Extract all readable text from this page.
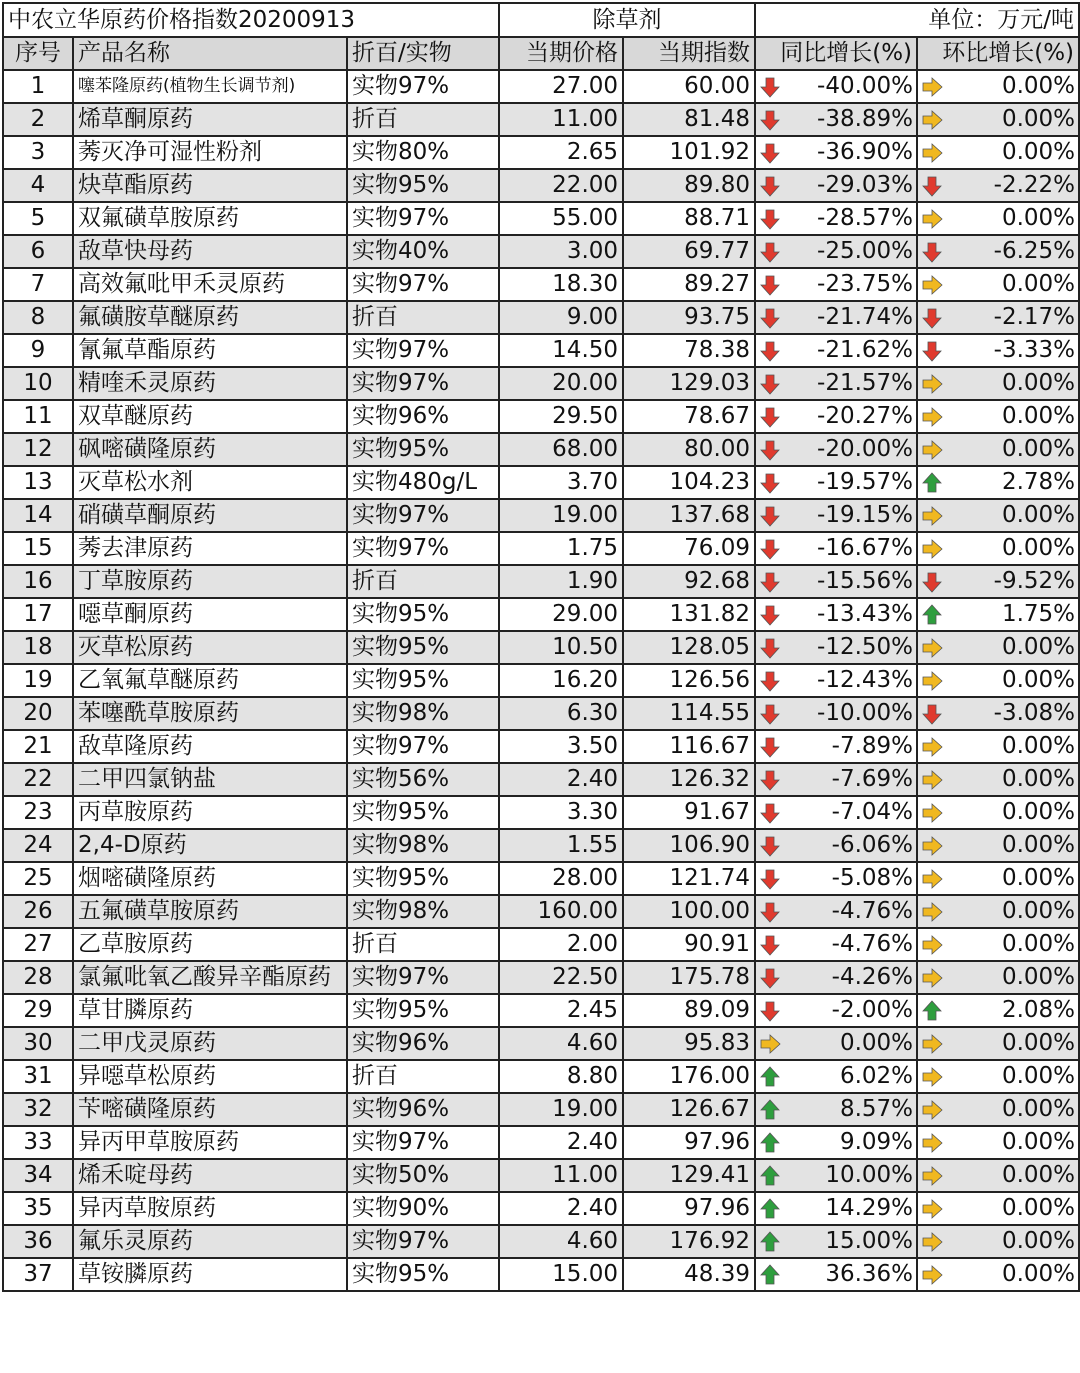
中农立华原药价格指数20200913			除草剂		单位：万元/吨	
序号	产品名称	折百/实物	当期价格	当期指数	同比增长(%)	环比增长(%)
1	噻苯隆原药(植物生长调节剂)	实物97%	27.00	60.00	-40.00%	0.00%

2	烯草酮原药	折百	11.00	81.48	-38.89%	0.00%

3	莠灭净可湿性粉剂	实物80%	2.65	101.92	-36.90%	0.00%

4	炔草酯原药	实物95%	22.00	89.80	-29.03%	-2.22%

5	双氟磺草胺原药	实物97%	55.00	88.71	-28.57%	0.00%

6	敌草快母药	实物40%	3.00	69.77	-25.00%	-6.25%

7	高效氟吡甲禾灵原药	实物97%	18.30	89.27	-23.75%	0.00%

8	氟磺胺草醚原药	折百	9.00	93.75	-21.74%	-2.17%

9	氰氟草酯原药	实物97%	14.50	78.38	-21.62%	-3.33%

10	精喹禾灵原药	实物97%	20.00	129.03	-21.57%	0.00%

11	双草醚原药	实物96%	29.50	78.67	-20.27%	0.00%

12	砜嘧磺隆原药	实物95%	68.00	80.00	-20.00%	0.00%

13	灭草松水剂	实物480g/L	3.70	104.23	-19.57%	2.78%

14	硝磺草酮原药	实物97%	19.00	137.68	-19.15%	0.00%

15	莠去津原药	实物97%	1.75	76.09	-16.67%	0.00%

16	丁草胺原药	折百	1.90	92.68	-15.56%	-9.52%

17	噁草酮原药	实物95%	29.00	131.82	-13.43%	1.75%

18	灭草松原药	实物95%	10.50	128.05	-12.50%	0.00%

19	乙氧氟草醚原药	实物95%	16.20	126.56	-12.43%	0.00%

20	苯噻酰草胺原药	实物98%	6.30	114.55	-10.00%	-3.08%

21	敌草隆原药	实物97%	3.50	116.67	-7.89%	0.00%

22	二甲四氯钠盐	实物56%	2.40	126.32	-7.69%	0.00%

23	丙草胺原药	实物95%	3.30	91.67	-7.04%	0.00%

24	2,4-D原药	实物98%	1.55	106.90	-6.06%	0.00%

25	烟嘧磺隆原药	实物95%	28.00	121.74	-5.08%	0.00%

26	五氟磺草胺原药	实物98%	160.00	100.00	-4.76%	0.00%

27	乙草胺原药	折百	2.00	90.91	-4.76%	0.00%

28	氯氟吡氧乙酸异辛酯原药	实物97%	22.50	175.78	-4.26%	0.00%

29	草甘膦原药	实物95%	2.45	89.09	-2.00%	2.08%

30	二甲戊灵原药	实物96%	4.60	95.83	0.00%	0.00%

31	异噁草松原药	折百	8.80	176.00	6.02%	0.00%

32	苄嘧磺隆原药	实物96%	19.00	126.67	8.57%	0.00%

33	异丙甲草胺原药	实物97%	2.40	97.96	9.09%	0.00%

34	烯禾啶母药	实物50%	11.00	129.41	10.00%	0.00%

35	异丙草胺原药	实物90%	2.40	97.96	14.29%	0.00%

36	氟乐灵原药	实物97%	4.60	176.92	15.00%	0.00%

37	草铵膦原药	实物95%	15.00	48.39	36.36%	0.00%
